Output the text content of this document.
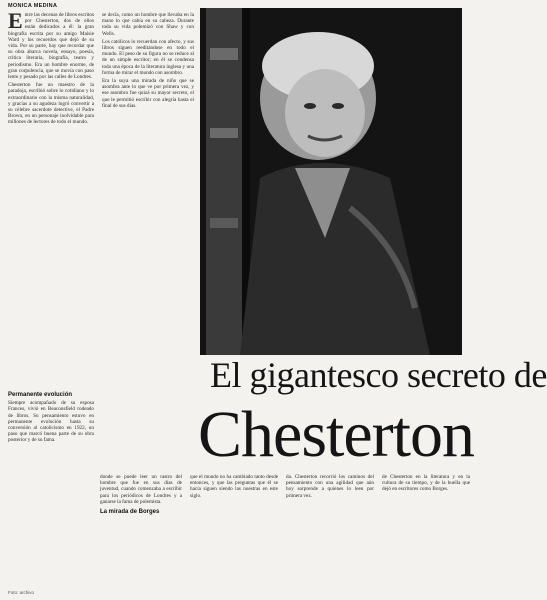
MONICA MEDINA
E ntre las decenas de libros escritos por Chesterton, dos de ellos están dedicados a él: la gran biografía escrita por su amigo Maisie Ward y los recuerdos que dejó de su vida. Por su parte, hay que recordar que su obra abarca novela, ensayo, poesía, crítica literaria, biografía, teatro y periodismo. Era un hombre enorme, de gran corpulencia, que se movía con paso lento y pesado por las calles de Londres.

Chesterton fue un maestro de la paradoja, escribió sobre lo cotidiano y lo extraordinario con la misma naturalidad, y gracias a su agudeza logró convertir a su célebre sacerdote detective, el Padre Brown, en un personaje inolvidable para millones de lectores de todo el mundo.

Permanente evolución

Siempre acompañado de su esposa Frances, vivió en Beaconsfield rodeado de libros. Su pensamiento estuvo en permanente evolución hasta su conversión al catolicismo en 1922, un paso que marcó buena parte de su obra posterior y de su fama.

se decía, como un hombre que llevaba en la mano lo que cabía en su cabeza. Durante toda su vida polemizó con Shaw y con Wells.

Los católicos lo recuerdan con afecto, y sus libros siguen reeditándose en todo el mundo. El peso de su figura no se reduce al de un simple escritor; en él se condensa toda una época de la literatura inglesa y una forma de mirar el mundo con asombro.

Era la suya una mirada de niño que se asombra ante lo que ve por primera vez, y ese asombro fue quizá su mayor secreto, el que le permitió escribir con alegría hasta el final de sus días.

El gigantesco secreto de
Chesterton

donde se puede leer un rastro del hombre que fue en sus días de juventud, cuando comenzaba a escribir para los periódicos de Londres y a ganarse la fama de polemista.

La mirada de Borges

que el mundo no ha cambiado tanto desde entonces, y que las preguntas que él se hacía siguen siendo las nuestras en este siglo.

da. Chesterton recorrió los caminos del pensamiento con una agilidad que aún hoy sorprende a quienes lo leen por primera vez.

de Chesterton en la literatura y en la cultura de su tiempo, y de la huella que dejó en escritores como Borges.

Foto: archivo
